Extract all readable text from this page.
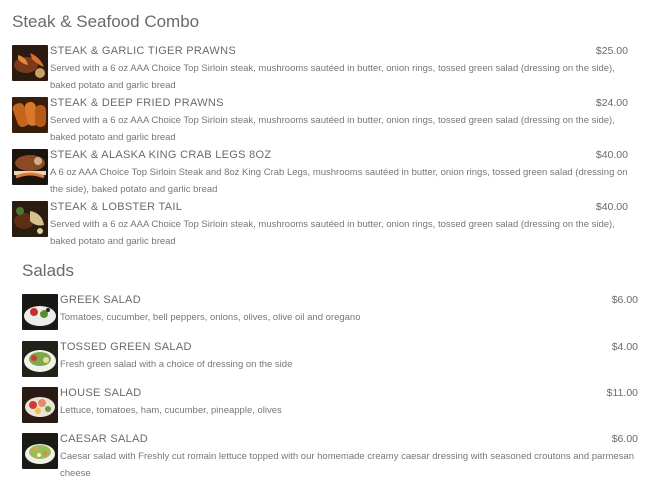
Steak & Seafood Combo
STEAK & GARLIC TIGER PRAWNS	$25.00
Served with a 6 oz AAA Choice Top Sirloin steak, mushrooms sautéed in butter, onion rings, tossed green salad (dressing on the side), baked potato and garlic bread
STEAK & DEEP FRIED PRAWNS	$24.00
Served with a 6 oz AAA Choice Top Sirloin steak, mushrooms sautéed in butter, onion rings, tossed green salad (dressing on the side), baked potato and garlic bread
STEAK & ALASKA KING CRAB LEGS 8OZ	$40.00
A 6 oz AAA Choice Top Sirloin Steak and 8oz King Crab Legs, mushrooms sautéed in butter, onion rings, tossed green salad (dressing on the side), baked potato and garlic bread
STEAK & LOBSTER TAIL	$40.00
Served with a 6 oz AAA Choice Top Sirloin steak, mushrooms sautéed in butter, onion rings, tossed green salad (dressing on the side), baked potato and garlic bread
Salads
GREEK SALAD	$6.00
Tomatoes, cucumber, bell peppers, onions, olives, olive oil and oregano
TOSSED GREEN SALAD	$4.00
Fresh green salad with a choice of dressing on the side
HOUSE SALAD	$11.00
Lettuce, tomatoes, ham, cucumber, pineapple, olives
CAESAR SALAD	$6.00
Caesar salad with Freshly cut romain lettuce topped with our homemade creamy caesar dressing with seasoned croutons and parmesan cheese
